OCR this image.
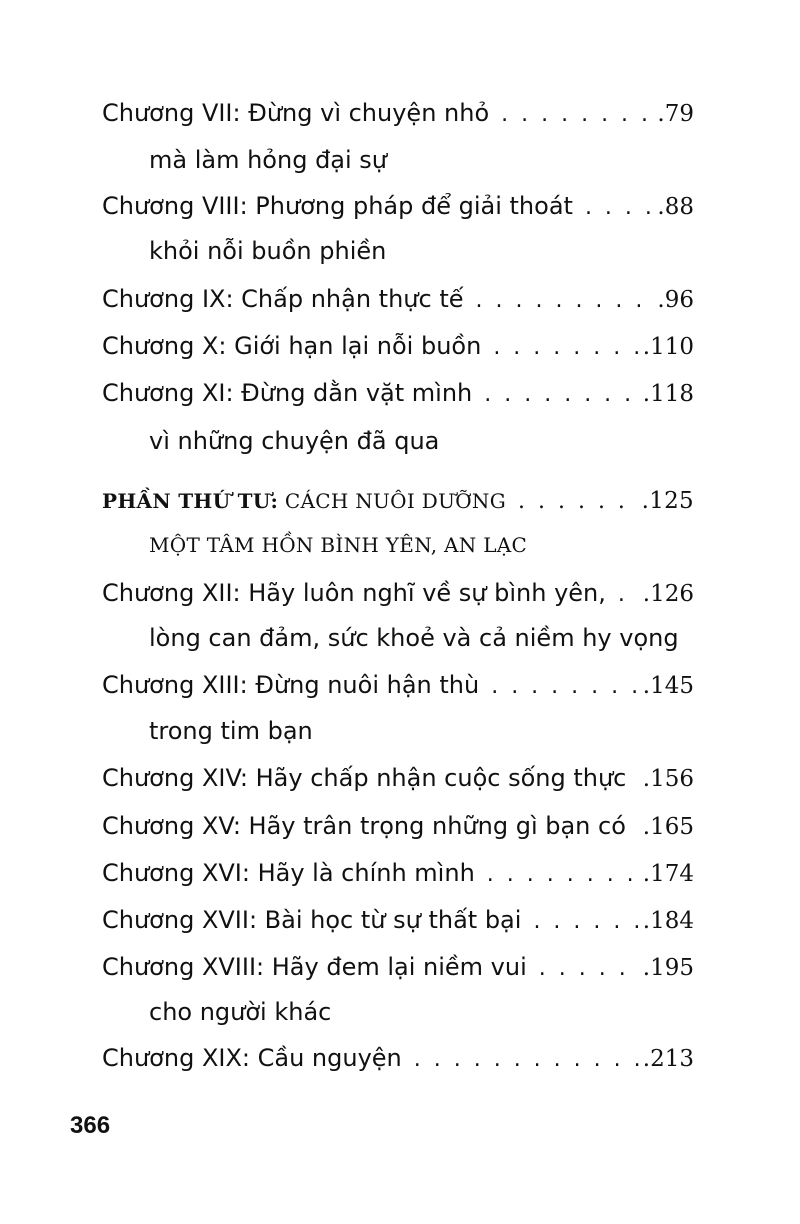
Chương VII: Đừng vì chuyện nhỏ . . .	.79
mà làm hỏng đại sự
Chương VIII: Phương pháp để giải thoát . . .	.88
khỏi nỗi buồn phiền
Chương IX: Chấp nhận thực tế . . .	.96
Chương X: Giới hạn lại nỗi buồn . . .	.110
Chương XI: Đừng dằn vặt mình . . .	.118
vì những chuyện đã qua
PHẦN THỨ TƯ: CÁCH NUÔI DƯỠNG . . .	.125
MỘT TÂM HỒN BÌNH YÊN, AN LẠC
Chương XII: Hãy luôn nghĩ về sự bình yên, . . . .126
lòng can đảm, sức khoẻ và cả niềm hy vọng
Chương XIII: Đừng nuôi hận thù . . .	.145
trong tim bạn
Chương XIV: Hãy chấp nhận cuộc sống thực . . . .156
Chương XV: Hãy trân trọng những gì bạn có . . . .165
Chương XVI: Hãy là chính mình . . .	.174
Chương XVII: Bài học từ sự thất bại . . .	.184
Chương XVIII: Hãy đem lại niềm vui . . .	.195
cho người khác
Chương XIX: Cầu nguyện . . .	.213
366
